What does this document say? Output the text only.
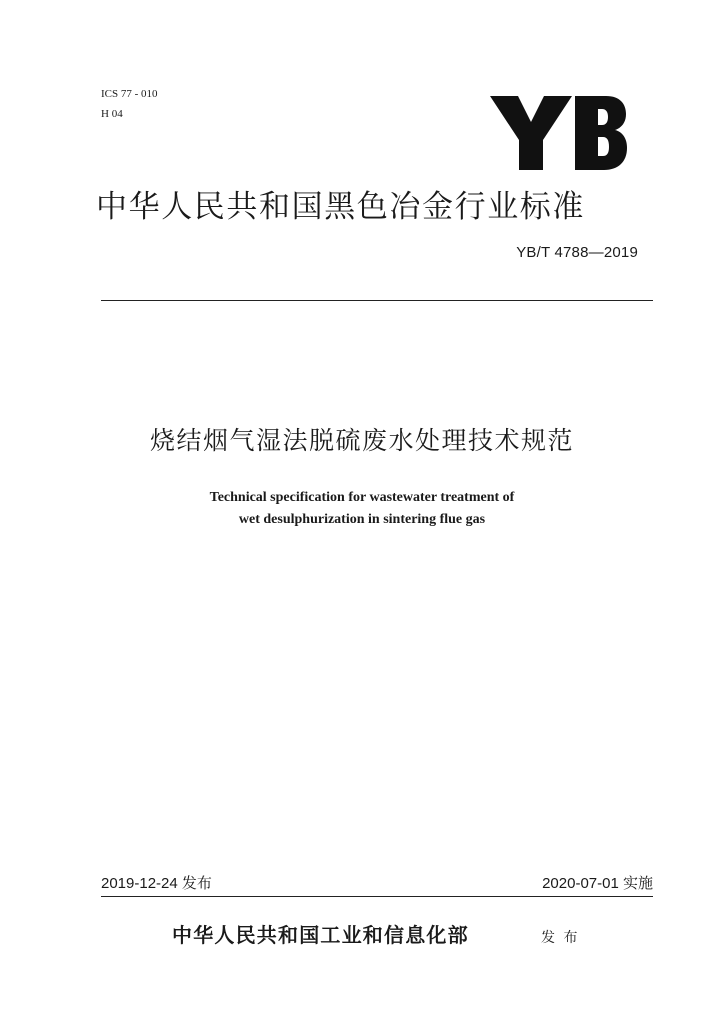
ICS 77 - 010
H 04
中华人民共和国黑色冶金行业标准
YB/T 4788—2019
烧结烟气湿法脱硫废水处理技术规范
Technical specification for wastewater treatment of
wet desulphurization in sintering flue gas
2019-12-24 发布	2020-07-01 实施
中华人民共和国工业和信息化部	发 布
